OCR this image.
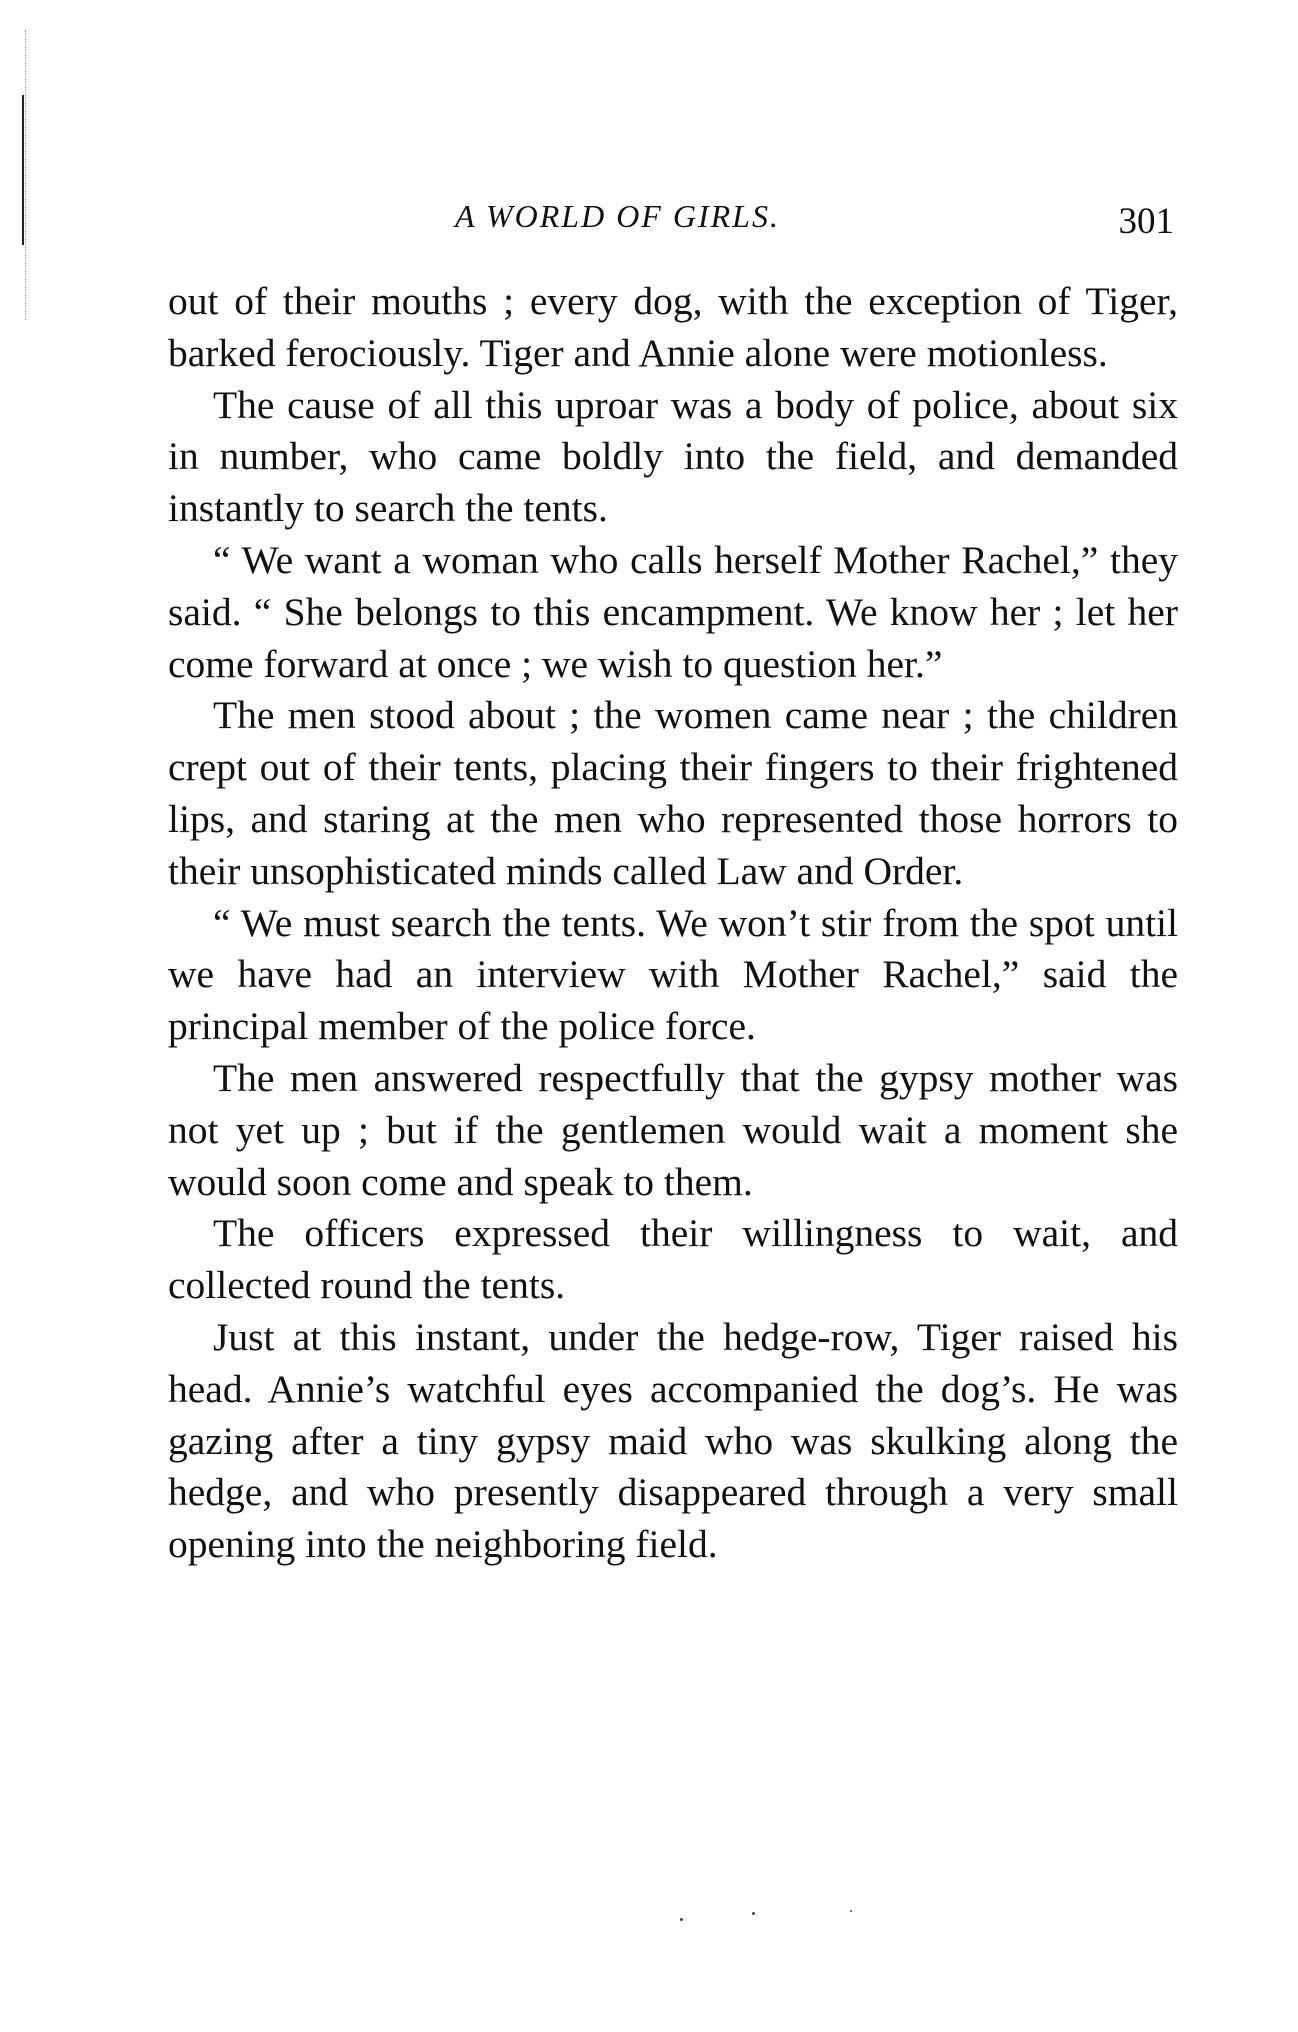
A WORLD OF GIRLS.	301

out of their mouths ; every dog, with the exception of Tiger, barked ferociously. Tiger and Annie alone were motionless.

The cause of all this uproar was a body of police, about six in number, who came boldly into the field, and demanded instantly to search the tents.

“ We want a woman who calls herself Mother Rachel,” they said. “ She belongs to this encampment. We know her ; let her come forward at once ; we wish to question her.”

The men stood about ; the women came near ; the children crept out of their tents, placing their fingers to their frightened lips, and staring at the men who represented those horrors to their unsophisticated minds called Law and Order.

“ We must search the tents. We won’t stir from the spot until we have had an interview with Mother Rachel,” said the principal member of the police force.

The men answered respectfully that the gypsy mother was not yet up ; but if the gentlemen would wait a moment she would soon come and speak to them.

The officers expressed their willingness to wait, and collected round the tents.

Just at this instant, under the hedge-row, Tiger raised his head. Annie’s watchful eyes accompanied the dog’s. He was gazing after a tiny gypsy maid who was skulking along the hedge, and who presently disappeared through a very small opening into the neighboring field.
